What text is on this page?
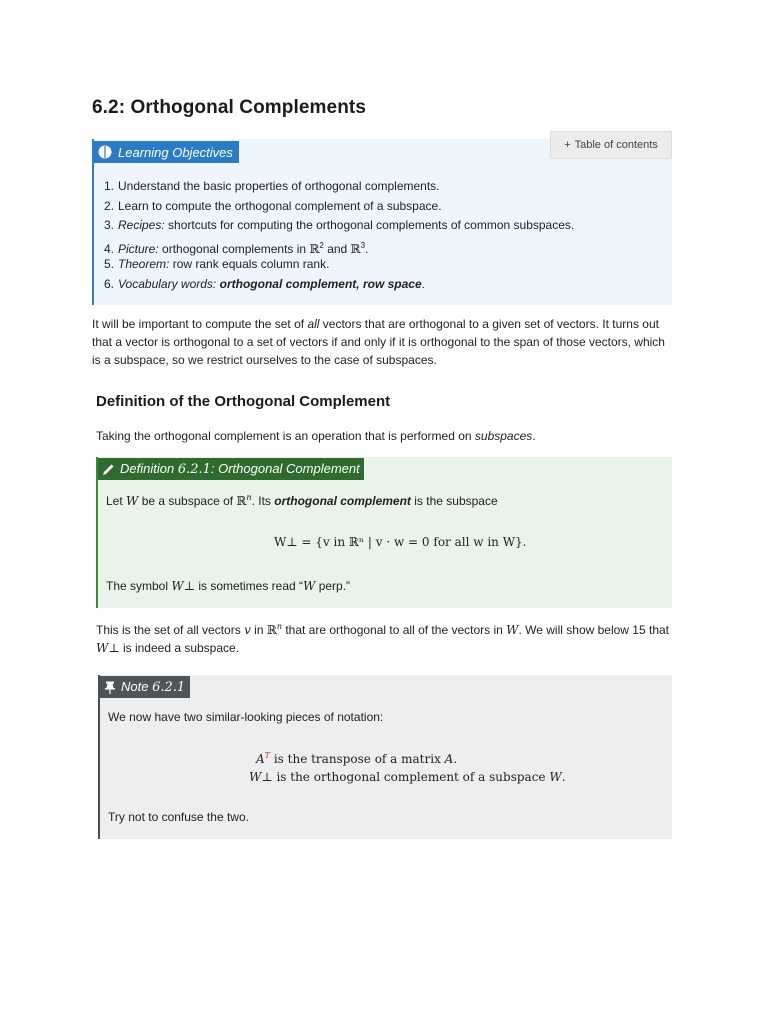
6.2: Orthogonal Complements
Learning Objectives
1. Understand the basic properties of orthogonal complements.
2. Learn to compute the orthogonal complement of a subspace.
3. Recipes: shortcuts for computing the orthogonal complements of common subspaces.
4. Picture: orthogonal complements in ℝ$^2$ and ℝ$^3$.
5. Theorem: row rank equals column rank.
6. Vocabulary words: orthogonal complement, row space.
+ Table of contents

It will be important to compute the set of all vectors that are orthogonal to a given set of vectors. It turns out that a vector is orthogonal to a set of vectors if and only if it is orthogonal to the span of those vectors, which is a subspace, so we restrict ourselves to the case of subspaces.

Definition of the Orthogonal Complement

Taking the orthogonal complement is an operation that is performed on subspaces.

Definition 6.2.1: Orthogonal Complement
Let W be a subspace of ℝ$^n$. Its orthogonal complement is the subspace
W⊥ = {v in ℝⁿ | v · w = 0 for all w in W}.
The symbol W⊥ is sometimes read “W perp.”

This is the set of all vectors v in ℝ$^n$ that are orthogonal to all of the vectors in W. We will show below 15 that W⊥ is indeed a subspace.

Note 6.2.1
We now have two similar-looking pieces of notation:
$A^T$ is the transpose of a matrix A.
W⊥ is the orthogonal complement of a subspace W.
Try not to confuse the two.
